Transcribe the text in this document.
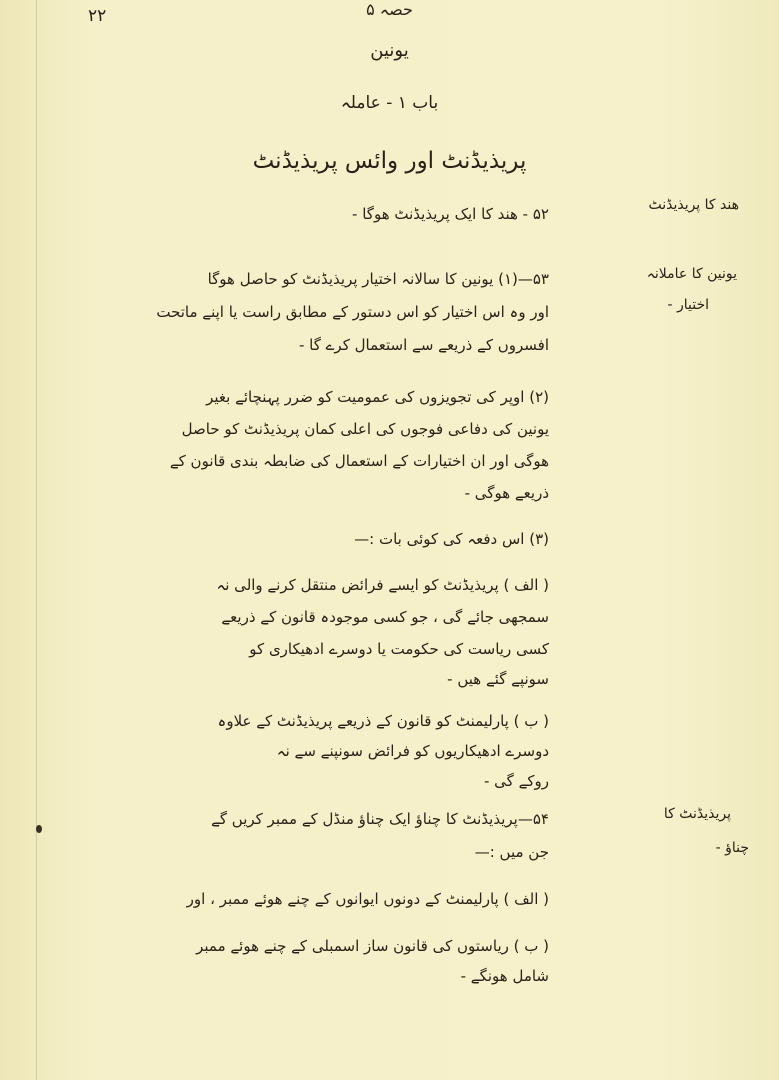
۲۲	حصہ ۵
یونین
باب ۱ - عاملہ
پریذیڈنٹ اور وائس پریذیڈنٹ
ھند کا پریذیڈنٹ
۵۲ - ھند کا ایک پریذیڈنٹ ھوگا -
یونین کا عاملانہ
اختیار -
۵۳—(۱) یونین کا سالانہ اختیار پریذیڈنٹ کو حاصل ھوگا
اور وہ اس اختیار کو اس دستور کے مطابق راست یا اپنے ماتحت
افسروں کے ذریعے سے استعمال کرے گا -
(۲) اوپر کی تجویزوں کی عمومیت کو ضرر پہنچائے بغیر
یونین کی دفاعی فوجوں کی اعلی کمان پریذیڈنٹ کو حاصل
ھوگی اور ان اختیارات کے استعمال کی ضابطہ بندی قانون کے
ذریعے ھوگی -
(۳) اس دفعہ کی کوئی بات :—
( الف ) پریذیڈنٹ کو ایسے فرائض منتقل کرنے والی نہ
سمجھی جائے گی ، جو کسی موجودہ قانون کے ذریعے
کسی ریاست کی حکومت یا دوسرے ادھیکاری کو
سونپے گئے ھیں -
( ب ) پارلیمنٹ کو قانون کے ذریعے پریذیڈنٹ کے علاوہ
دوسرے ادھیکاریوں کو فرائض سونپنے سے نہ
روکے گی -
پریذیڈنٹ کا
چناؤ -
۵۴—پریذیڈنٹ کا چناؤ ایک چناؤ منڈل کے ممبر کریں گے
جن میں :—
( الف ) پارلیمنٹ کے دونوں ایوانوں کے چنے ھوئے ممبر ، اور
( ب ) ریاستوں کی قانون ساز اسمبلی کے چنے ھوئے ممبر
شامل ھونگے -
